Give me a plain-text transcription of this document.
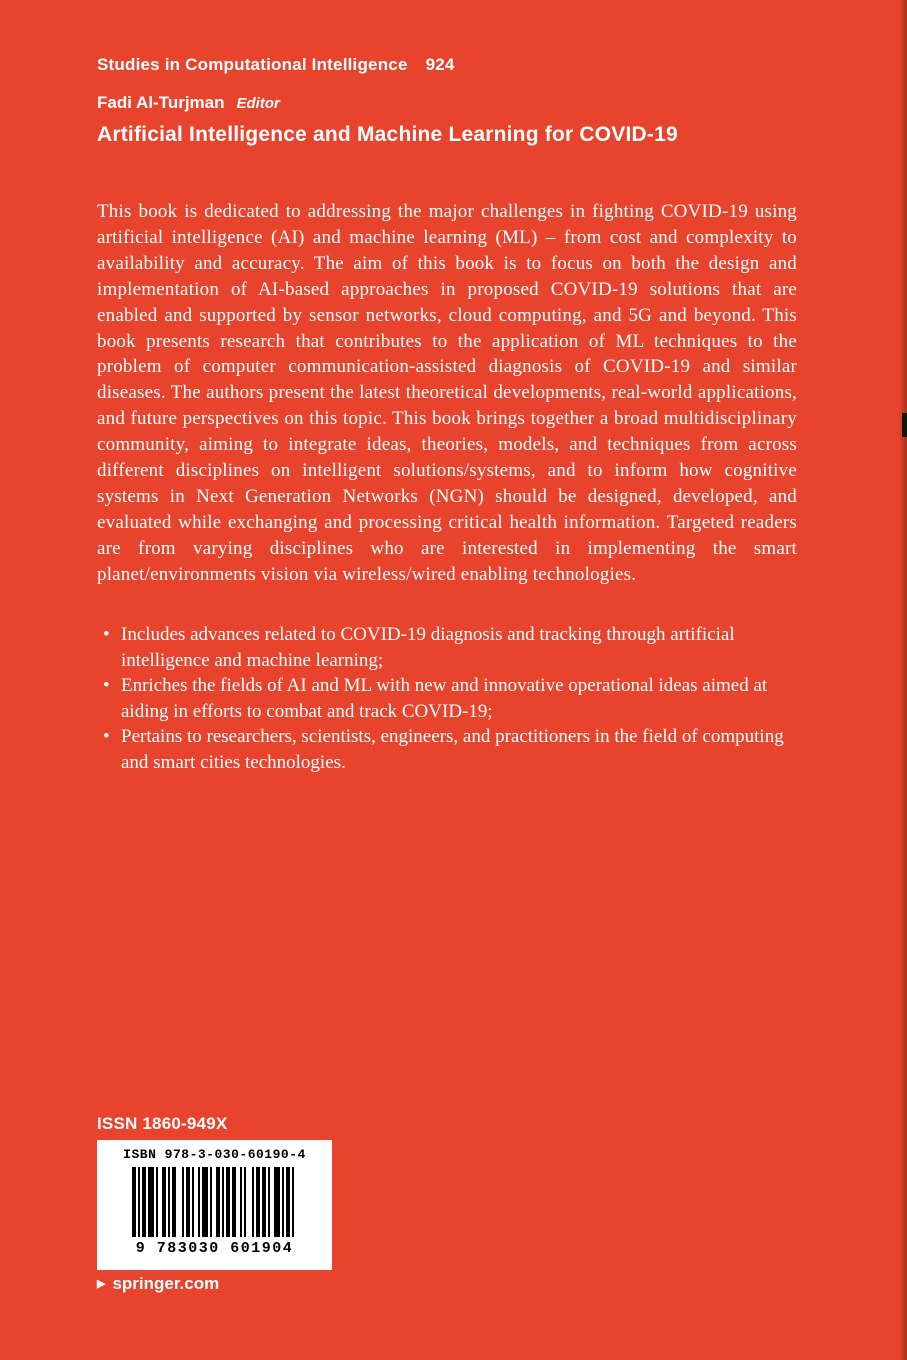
Studies in Computational Intelligence 924
Fadi Al-Turjman Editor
Artificial Intelligence and Machine Learning for COVID-19
This book is dedicated to addressing the major challenges in fighting COVID-19 using artificial intelligence (AI) and machine learning (ML) – from cost and complexity to availability and accuracy. The aim of this book is to focus on both the design and implementation of AI-based approaches in proposed COVID-19 solutions that are enabled and supported by sensor networks, cloud computing, and 5G and beyond. This book presents research that contributes to the application of ML techniques to the problem of computer communication-assisted diagnosis of COVID-19 and similar diseases. The authors present the latest theoretical developments, real-world applications, and future perspectives on this topic. This book brings together a broad multidisciplinary community, aiming to integrate ideas, theories, models, and techniques from across different disciplines on intelligent solutions/systems, and to inform how cognitive systems in Next Generation Networks (NGN) should be designed, developed, and evaluated while exchanging and processing critical health information. Targeted readers are from varying disciplines who are interested in implementing the smart planet/environments vision via wireless/wired enabling technologies.
• Includes advances related to COVID-19 diagnosis and tracking through artificial intelligence and machine learning;
• Enriches the fields of AI and ML with new and innovative operational ideas aimed at aiding in efforts to combat and track COVID-19;
• Pertains to researchers, scientists, engineers, and practitioners in the field of computing and smart cities technologies.
ISSN 1860-949X
ISBN 978-3-030-60190-4
9 783030 601904
▶ springer.com
